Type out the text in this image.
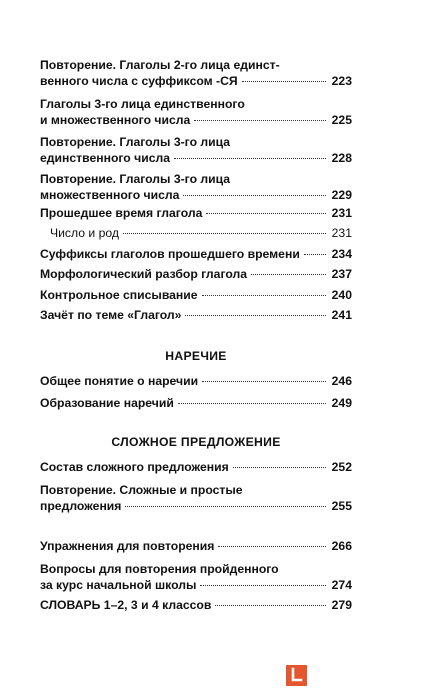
Повторение. Глаголы 2-го лица единст-
венного числа с суффиксом -СЯ	223
Глаголы 3-го лица единственного
и множественного числа	225
Повторение. Глаголы 3-го лица
единственного числа	228
Повторение. Глаголы 3-го лица
множественного числа	229
Прошедшее время глагола	231
Число и род	231
Суффиксы глаголов прошедшего времени	234
Морфологический разбор глагола	237
Контрольное списывание	240
Зачёт по теме «Глагол»	241
НАРЕЧИЕ
Общее понятие о наречии	246
Образование наречий	249
СЛОЖНОЕ ПРЕДЛОЖЕНИЕ
Состав сложного предложения	252
Повторение. Сложные и простые
предложения	255
Упражнения для повторения	266
Вопросы для повторения пройденного
за курс начальной школы	274
СЛОВАРЬ 1–2, 3 и 4 классов	279
